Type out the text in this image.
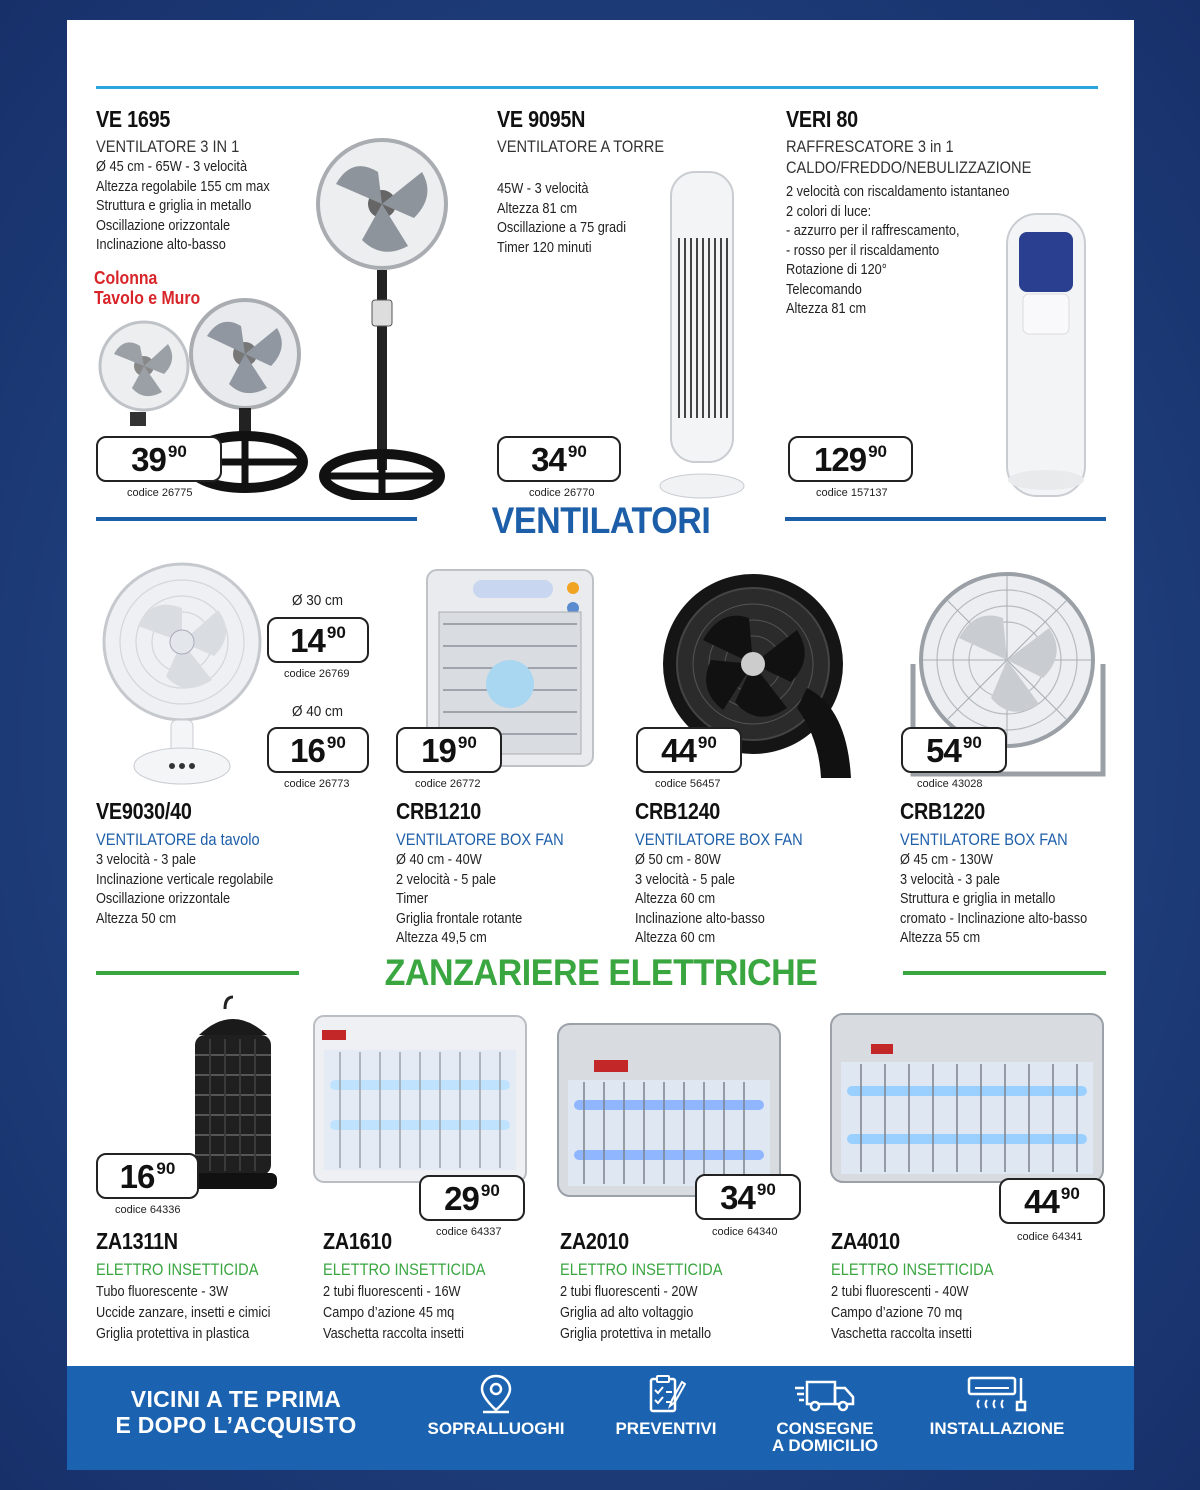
VE 1695
VENTILATORE 3 IN 1
Ø 45 cm - 65W - 3 velocità
Altezza regolabile 155 cm max
Struttura e griglia in metallo
Oscillazione orizzontale
Inclinazione alto-basso
Colonna
Tavolo e Muro
39 90
codice 26775
VE 9095N
VENTILATORE A TORRE
45W - 3 velocità
Altezza 81 cm
Oscillazione a 75 gradi
Timer 120 minuti
34 90
codice 26770
VERI 80
RAFFRESCATORE 3 in 1
CALDO/FREDDO/NEBULIZZAZIONE
2 velocità con riscaldamento istantaneo
2 colori di luce:
- azzurro per il raffrescamento,
- rosso per il riscaldamento
Rotazione di 120°
Telecomando
Altezza 81 cm
129 90
codice 157137
VENTILATORI
Ø 30 cm
14 90
codice 26769
Ø 40 cm
16 90
codice 26773
VE9030/40
VENTILATORE da tavolo
3 velocità - 3 pale
Inclinazione verticale regolabile
Oscillazione orizzontale
Altezza 50 cm
19 90
codice 26772
CRB1210
VENTILATORE BOX FAN
Ø 40 cm - 40W
2 velocità - 5 pale
Timer
Griglia frontale rotante
Altezza 49,5 cm
44 90
codice 56457
CRB1240
VENTILATORE BOX FAN
Ø 50 cm - 80W
3 velocità - 5 pale
Altezza 60 cm
Inclinazione alto-basso
Altezza 60 cm
54 90
codice 43028
CRB1220
VENTILATORE BOX FAN
Ø 45 cm - 130W
3 velocità - 3 pale
Struttura e griglia in metallo
cromato - Inclinazione alto-basso
Altezza 55 cm
ZANZARIERE ELETTRICHE
16 90
codice 64336
ZA1311N
ELETTRO INSETTICIDA
Tubo fluorescente - 3W
Uccide zanzare, insetti e cimici
Griglia protettiva in plastica
29 90
codice 64337
ZA1610
ELETTRO INSETTICIDA
2 tubi fluorescenti - 16W
Campo d’azione 45 mq
Vaschetta raccolta insetti
34 90
codice 64340
ZA2010
ELETTRO INSETTICIDA
2 tubi fluorescenti - 20W
Griglia ad alto voltaggio
Griglia protettiva in metallo
44 90
codice 64341
ZA4010
ELETTRO INSETTICIDA
2 tubi fluorescenti - 40W
Campo d’azione 70 mq
Vaschetta raccolta insetti
VICINI A TE PRIMA
E DOPO L’ACQUISTO	SOPRALLUOGHI	PREVENTIVI	CONSEGNE
A DOMICILIO
INSTALLAZIONE
